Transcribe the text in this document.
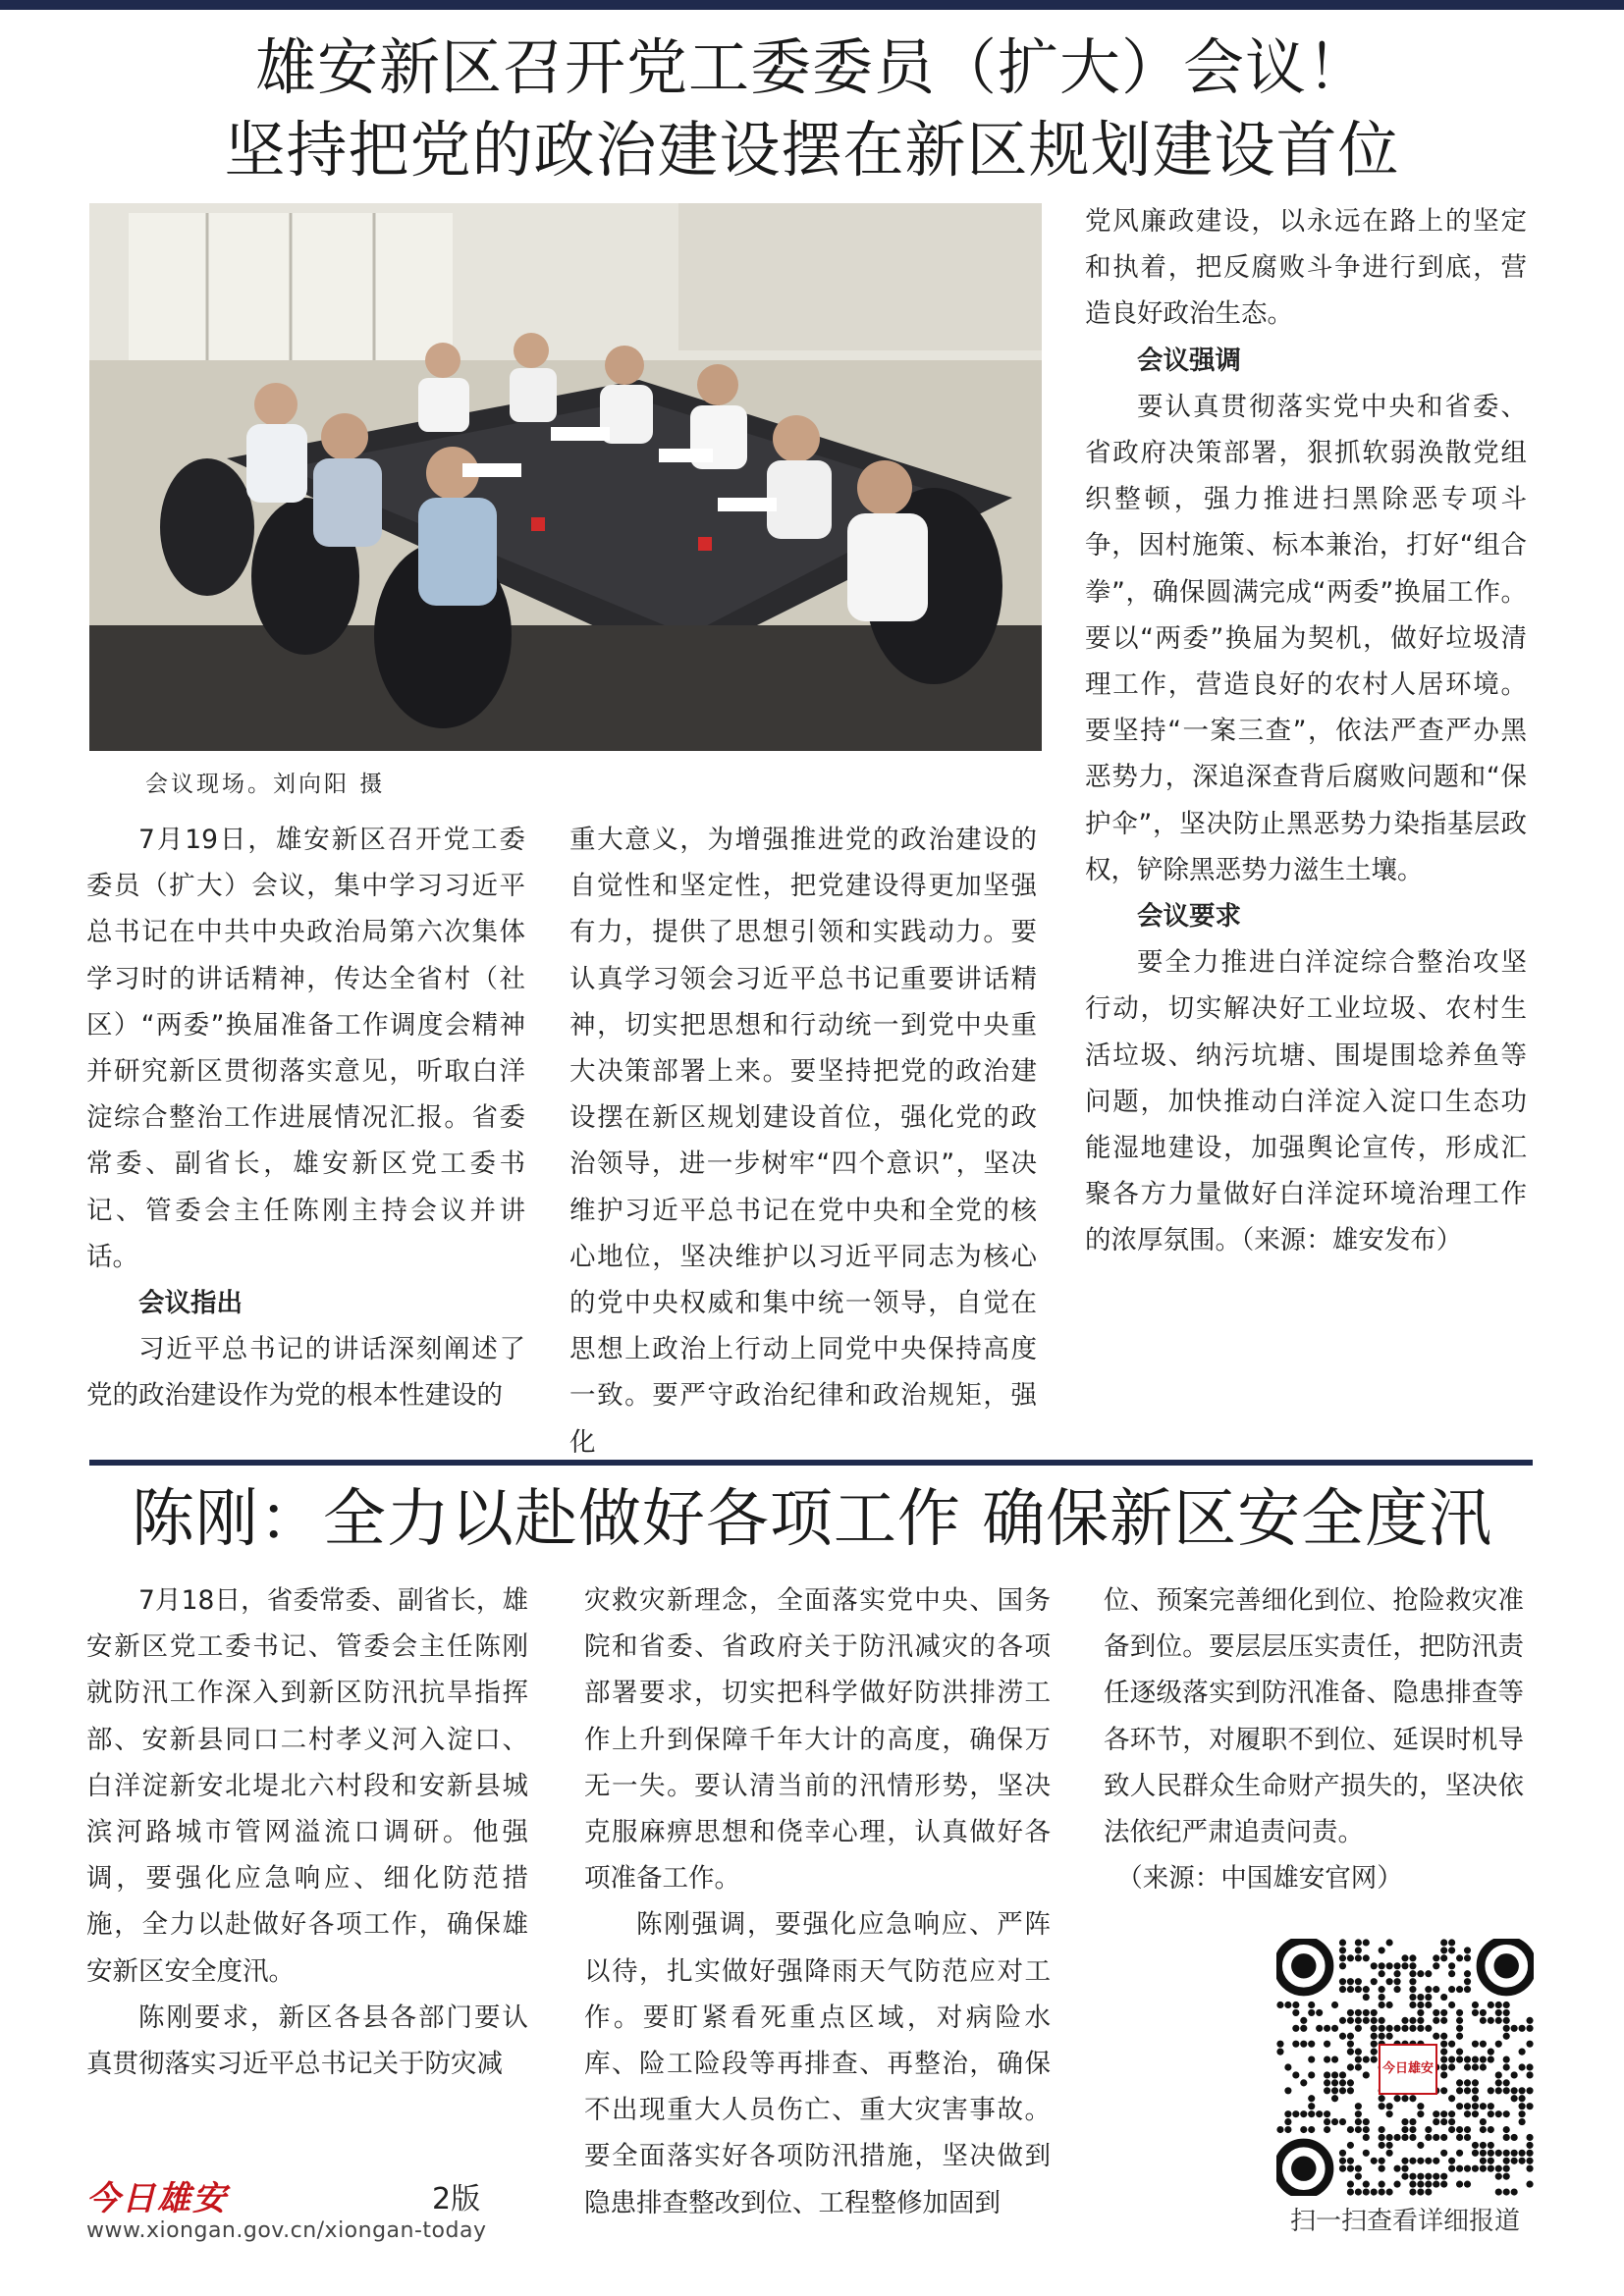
雄安新区召开党工委委员（扩大）会议！
坚持把党的政治建设摆在新区规划建设首位
会议现场。刘向阳 摄

7月19日，雄安新区召开党工委委员（扩大）会议，集中学习习近平总书记在中共中央政治局第六次集体学习时的讲话精神，传达全省村（社区）“两委”换届准备工作调度会精神并研究新区贯彻落实意见，听取白洋淀综合整治工作进展情况汇报。省委常委、副省长，雄安新区党工委书记、管委会主任陈刚主持会议并讲话。

会议指出

习近平总书记的讲话深刻阐述了党的政治建设作为党的根本性建设的

重大意义，为增强推进党的政治建设的自觉性和坚定性，把党建设得更加坚强有力，提供了思想引领和实践动力。要认真学习领会习近平总书记重要讲话精神，切实把思想和行动统一到党中央重大决策部署上来。要坚持把党的政治建设摆在新区规划建设首位，强化党的政治领导，进一步树牢“四个意识”，坚决维护习近平总书记在党中央和全党的核心地位，坚决维护以习近平同志为核心的党中央权威和集中统一领导，自觉在思想上政治上行动上同党中央保持高度一致。要严守政治纪律和政治规矩，强化

党风廉政建设，以永远在路上的坚定和执着，把反腐败斗争进行到底，营造良好政治生态。

会议强调

要认真贯彻落实党中央和省委、省政府决策部署，狠抓软弱涣散党组织整顿，强力推进扫黑除恶专项斗争，因村施策、标本兼治，打好“组合拳”，确保圆满完成“两委”换届工作。要以“两委”换届为契机，做好垃圾清理工作，营造良好的农村人居环境。要坚持“一案三查”，依法严查严办黑恶势力，深追深查背后腐败问题和“保护伞”，坚决防止黑恶势力染指基层政权，铲除黑恶势力滋生土壤。

会议要求

要全力推进白洋淀综合整治攻坚行动，切实解决好工业垃圾、农村生活垃圾、纳污坑塘、围堤围埝养鱼等问题，加快推动白洋淀入淀口生态功能湿地建设，加强舆论宣传，形成汇聚各方力量做好白洋淀环境治理工作的浓厚氛围。（来源：雄安发布）

陈刚：全力以赴做好各项工作 确保新区安全度汛

7月18日，省委常委、副省长，雄安新区党工委书记、管委会主任陈刚就防汛工作深入到新区防汛抗旱指挥部、安新县同口二村孝义河入淀口、白洋淀新安北堤北六村段和安新县城滨河路城市管网溢流口调研。他强调，要强化应急响应、细化防范措施，全力以赴做好各项工作，确保雄安新区安全度汛。

陈刚要求，新区各县各部门要认真贯彻落实习近平总书记关于防灾减

灾救灾新理念，全面落实党中央、国务院和省委、省政府关于防汛减灾的各项部署要求，切实把科学做好防洪排涝工作上升到保障千年大计的高度，确保万无一失。要认清当前的汛情形势，坚决克服麻痹思想和侥幸心理，认真做好各项准备工作。

陈刚强调，要强化应急响应、严阵以待，扎实做好强降雨天气防范应对工作。要盯紧看死重点区域，对病险水库、险工险段等再排查、再整治，确保不出现重大人员伤亡、重大灾害事故。要全面落实好各项防汛措施，坚决做到隐患排查整改到位、工程整修加固到

位、预案完善细化到位、抢险救灾准备到位。要层层压实责任，把防汛责任逐级落实到防汛准备、隐患排查等各环节，对履职不到位、延误时机导致人民群众生命财产损失的，坚决依法依纪严肃追责问责。

（来源：中国雄安官网）

今日雄安	2版
www.xiongan.gov.cn/xiongan-today
今日雄安
扫一扫查看详细报道
